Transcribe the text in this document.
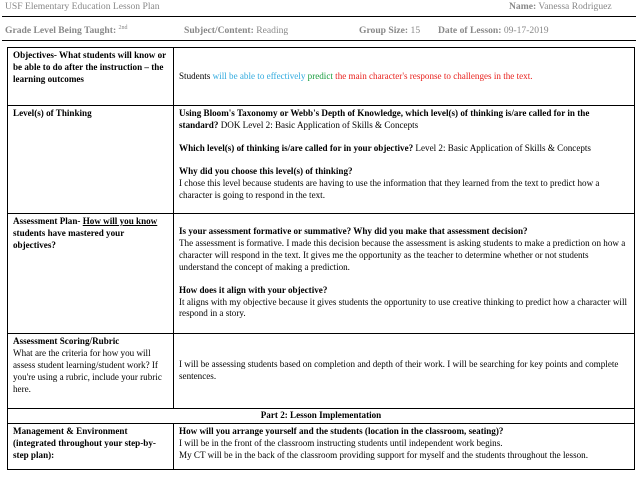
USF Elementary Education Lesson Plan	Name: Vanessa Rodriguez
Grade Level Being Taught: $^{2nd}$	Subject/Content: Reading	Group Size: 15 Date of Lesson: 09-17-2019
Objectives- What students will know or be able to do after the instruction – the learning outcomes	Students will be able to effectively predict the main character's response to challenges in the text.
Level(s) of Thinking	Using Bloom's Taxonomy or Webb's Depth of Knowledge, which level(s) of thinking is/are called for in the standard? DOK Level 2: Basic Application of Skills & Concepts
Which level(s) of thinking is/are called for in your objective? Level 2: Basic Application of Skills & Concepts
Why did you choose this level(s) of thinking?
I chose this level because students are having to use the information that they learned from the text to predict how a character is going to respond in the text.

Assessment Plan- How will you know students have mastered your objectives?	Is your assessment formative or summative? Why did you make that assessment decision?
The assessment is formative. I made this decision because the assessment is asking students to make a prediction on how a character will respond in the text. It gives me the opportunity as the teacher to determine whether or not students understand the concept of making a prediction.
How does it align with your objective?
It aligns with my objective because it gives students the opportunity to use creative thinking to predict how a character will respond in a story.

Assessment Scoring/Rubric
What are the criteria for how you will assess student learning/student work? If you're using a rubric, include your rubric here.	I will be assessing students based on completion and depth of their work. I will be searching for key points and complete sentences.
Part 2: Lesson Implementation	
Management & Environment (integrated throughout your step-by-step plan):	How will you arrange yourself and the students (location in the classroom, seating)?
I will be in the front of the classroom instructing students until independent work begins.
My CT will be in the back of the classroom providing support for myself and the students throughout the lesson.
